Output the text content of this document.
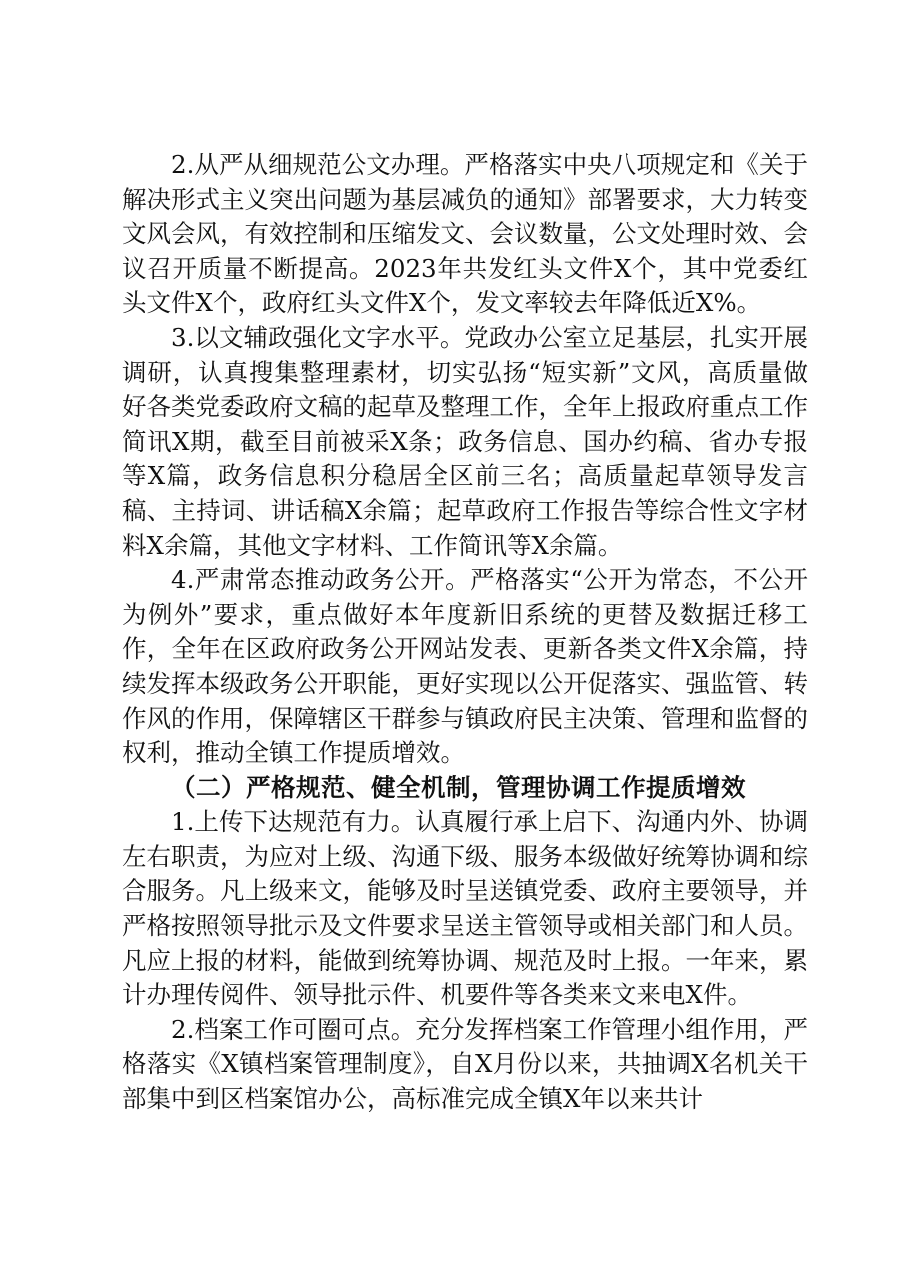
2.从严从细规范公文办理。严格落实中央八项规定和《关于解决形式主义突出问题为基层减负的通知》部署要求，大力转变文风会风，有效控制和压缩发文、会议数量，公文处理时效、会议召开质量不断提高。2023年共发红头文件X个，其中党委红头文件X个，政府红头文件X个，发文率较去年降低近X%。

3.以文辅政强化文字水平。党政办公室立足基层，扎实开展调研，认真搜集整理素材，切实弘扬“短实新”文风，高质量做好各类党委政府文稿的起草及整理工作，全年上报政府重点工作简讯X期，截至目前被采X条；政务信息、国办约稿、省办专报等X篇，政务信息积分稳居全区前三名；高质量起草领导发言稿、主持词、讲话稿X余篇；起草政府工作报告等综合性文字材料X余篇，其他文字材料、工作简讯等X余篇。

4.严肃常态推动政务公开。严格落实“公开为常态，不公开为例外”要求，重点做好本年度新旧系统的更替及数据迁移工作，全年在区政府政务公开网站发表、更新各类文件X余篇，持续发挥本级政务公开职能，更好实现以公开促落实、强监管、转作风的作用，保障辖区干群参与镇政府民主决策、管理和监督的权利，推动全镇工作提质增效。

（二）严格规范、健全机制，管理协调工作提质增效

1.上传下达规范有力。认真履行承上启下、沟通内外、协调左右职责，为应对上级、沟通下级、服务本级做好统筹协调和综合服务。凡上级来文，能够及时呈送镇党委、政府主要领导，并严格按照领导批示及文件要求呈送主管领导或相关部门和人员。凡应上报的材料，能做到统筹协调、规范及时上报。一年来，累计办理传阅件、领导批示件、机要件等各类来文来电X件。

2.档案工作可圈可点。充分发挥档案工作管理小组作用，严格落实《X镇档案管理制度》，自X月份以来，共抽调X名机关干部集中到区档案馆办公，高标准完成全镇X年以来共计
